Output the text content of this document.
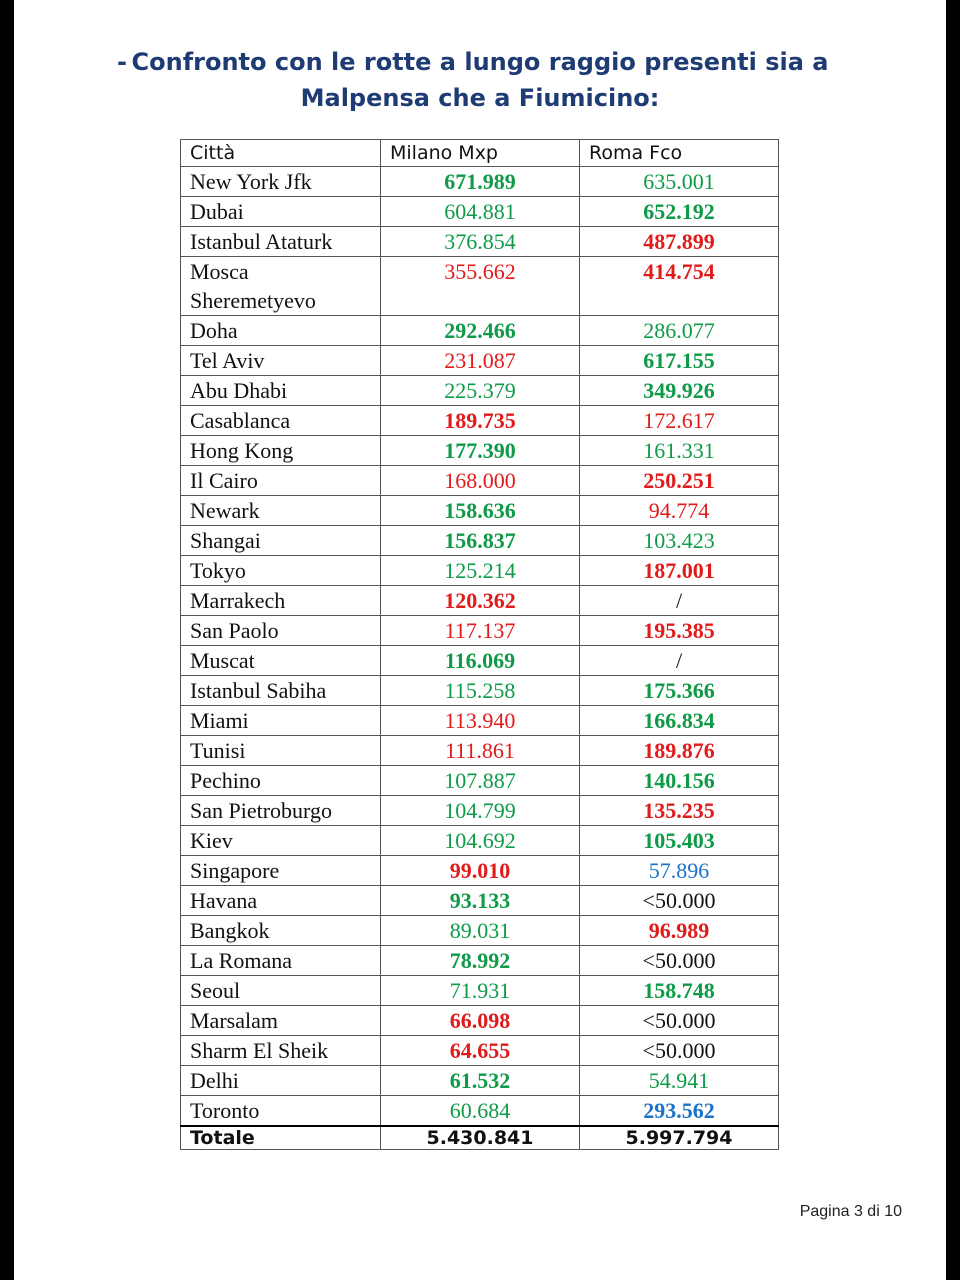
- Confronto con le rotte a lungo raggio presenti sia a
Malpensa che a Fiumicino:
Città	Milano Mxp	Roma Fco
New York Jfk	671.989	635.001
Dubai	604.881	652.192
Istanbul Ataturk	376.854	487.899
Mosca Sheremetyevo	355.662	414.754
Doha	292.466	286.077
Tel Aviv	231.087	617.155
Abu Dhabi	225.379	349.926
Casablanca	189.735	172.617
Hong Kong	177.390	161.331
Il Cairo	168.000	250.251
Newark	158.636	94.774
Shangai	156.837	103.423
Tokyo	125.214	187.001
Marrakech	120.362	/
San Paolo	117.137	195.385
Muscat	116.069	/
Istanbul Sabiha	115.258	175.366
Miami	113.940	166.834
Tunisi	111.861	189.876
Pechino	107.887	140.156
San Pietroburgo	104.799	135.235
Kiev	104.692	105.403
Singapore	99.010	57.896
Havana	93.133	<50.000
Bangkok	89.031	96.989
La Romana	78.992	<50.000
Seoul	71.931	158.748
Marsalam	66.098	<50.000
Sharm El Sheik	64.655	<50.000
Delhi	61.532	54.941
Toronto	60.684	293.562
Totale	5.430.841	5.997.794
Pagina 3 di 10
